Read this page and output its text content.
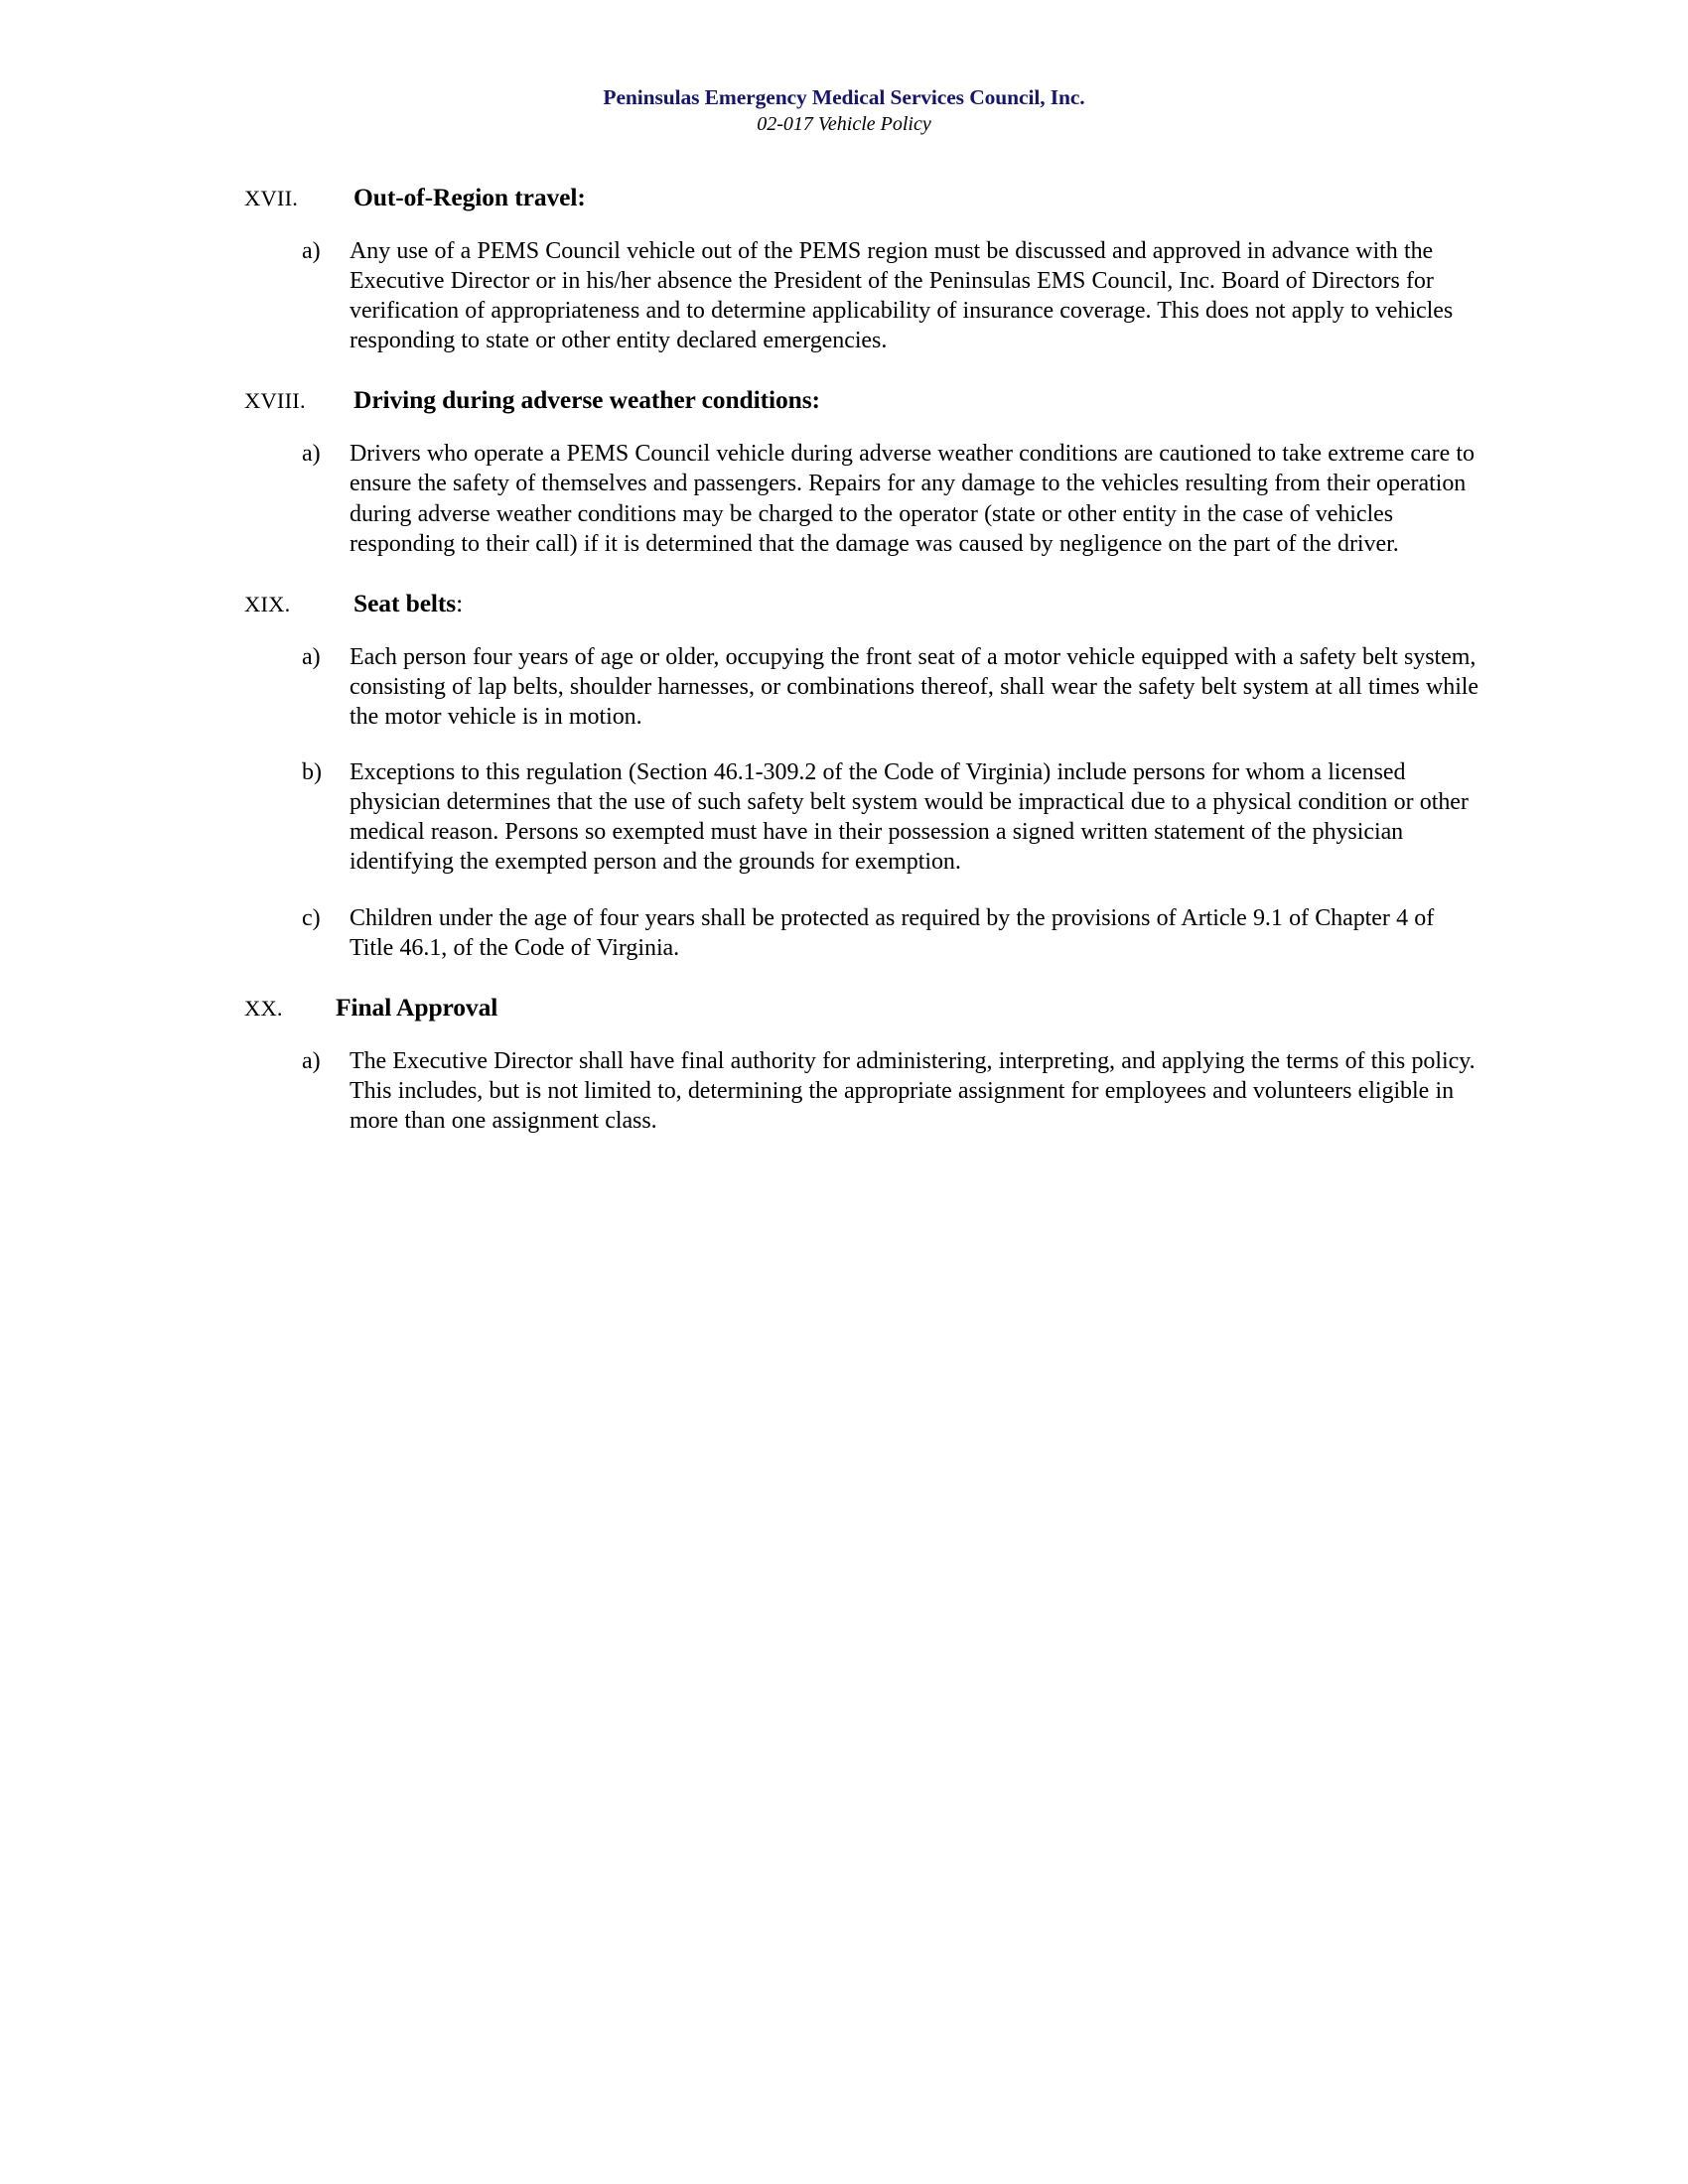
Peninsulas Emergency Medical Services Council, Inc.
02-017 Vehicle Policy
XVII.	Out-of-Region travel:
a)	Any use of a PEMS Council vehicle out of the PEMS region must be discussed and approved in advance with the Executive Director or in his/her absence the President of the Peninsulas EMS Council, Inc. Board of Directors for verification of appropriateness and to determine applicability of insurance coverage. This does not apply to vehicles responding to state or other entity declared emergencies.
XVIII.	Driving during adverse weather conditions:
a)	Drivers who operate a PEMS Council vehicle during adverse weather conditions are cautioned to take extreme care to ensure the safety of themselves and passengers. Repairs for any damage to the vehicles resulting from their operation during adverse weather conditions may be charged to the operator (state or other entity in the case of vehicles responding to their call) if it is determined that the damage was caused by negligence on the part of the driver.
XIX.	Seat belts :
a)	Each person four years of age or older, occupying the front seat of a motor vehicle equipped with a safety belt system, consisting of lap belts, shoulder harnesses, or combinations thereof, shall wear the safety belt system at all times while the motor vehicle is in motion.
b)	Exceptions to this regulation (Section 46.1-309.2 of the Code of Virginia) include persons for whom a licensed physician determines that the use of such safety belt system would be impractical due to a physical condition or other medical reason. Persons so exempted must have in their possession a signed written statement of the physician identifying the exempted person and the grounds for exemption.
c)	Children under the age of four years shall be protected as required by the provisions of Article 9.1 of Chapter 4 of Title 46.1, of the Code of Virginia.
XX.	Final Approval
a)	The Executive Director shall have final authority for administering, interpreting, and applying the terms of this policy. This includes, but is not limited to, determining the appropriate assignment for employees and volunteers eligible in more than one assignment class.
